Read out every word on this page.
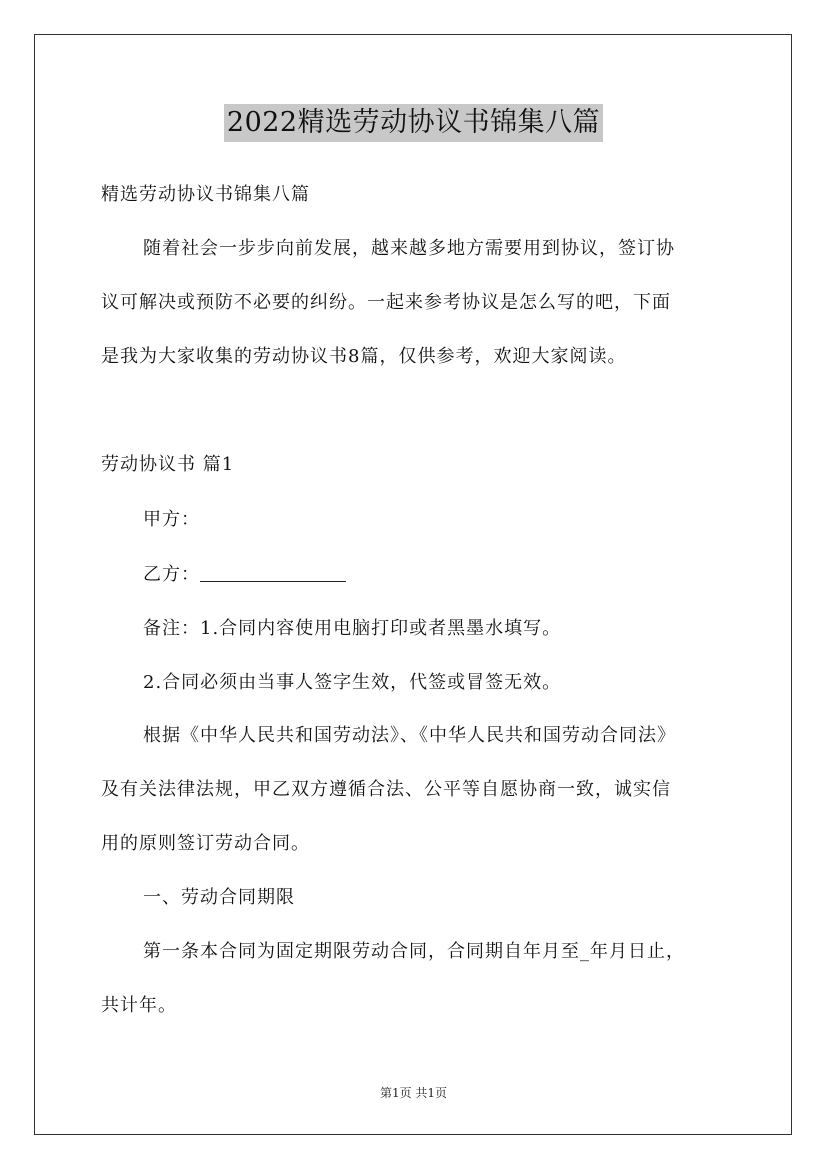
2022精选劳动协议书锦集八篇
精选劳动协议书锦集八篇
随着社会一步步向前发展，越来越多地方需要用到协议，签订协
议可解决或预防不必要的纠纷。一起来参考协议是怎么写的吧，下面
是我为大家收集的劳动协议书8篇，仅供参考，欢迎大家阅读。
劳动协议书 篇1
甲方：
乙方：
备注：1.合同内容使用电脑打印或者黑墨水填写。
2.合同必须由当事人签字生效，代签或冒签无效。
根据《中华人民共和国劳动法》、《中华人民共和国劳动合同法》
及有关法律法规，甲乙双方遵循合法、公平等自愿协商一致，诚实信
用的原则签订劳动合同。
一、劳动合同期限
第一条本合同为固定期限劳动合同，合同期自年月至_年月日止，
共计年。
第1页 共1页
